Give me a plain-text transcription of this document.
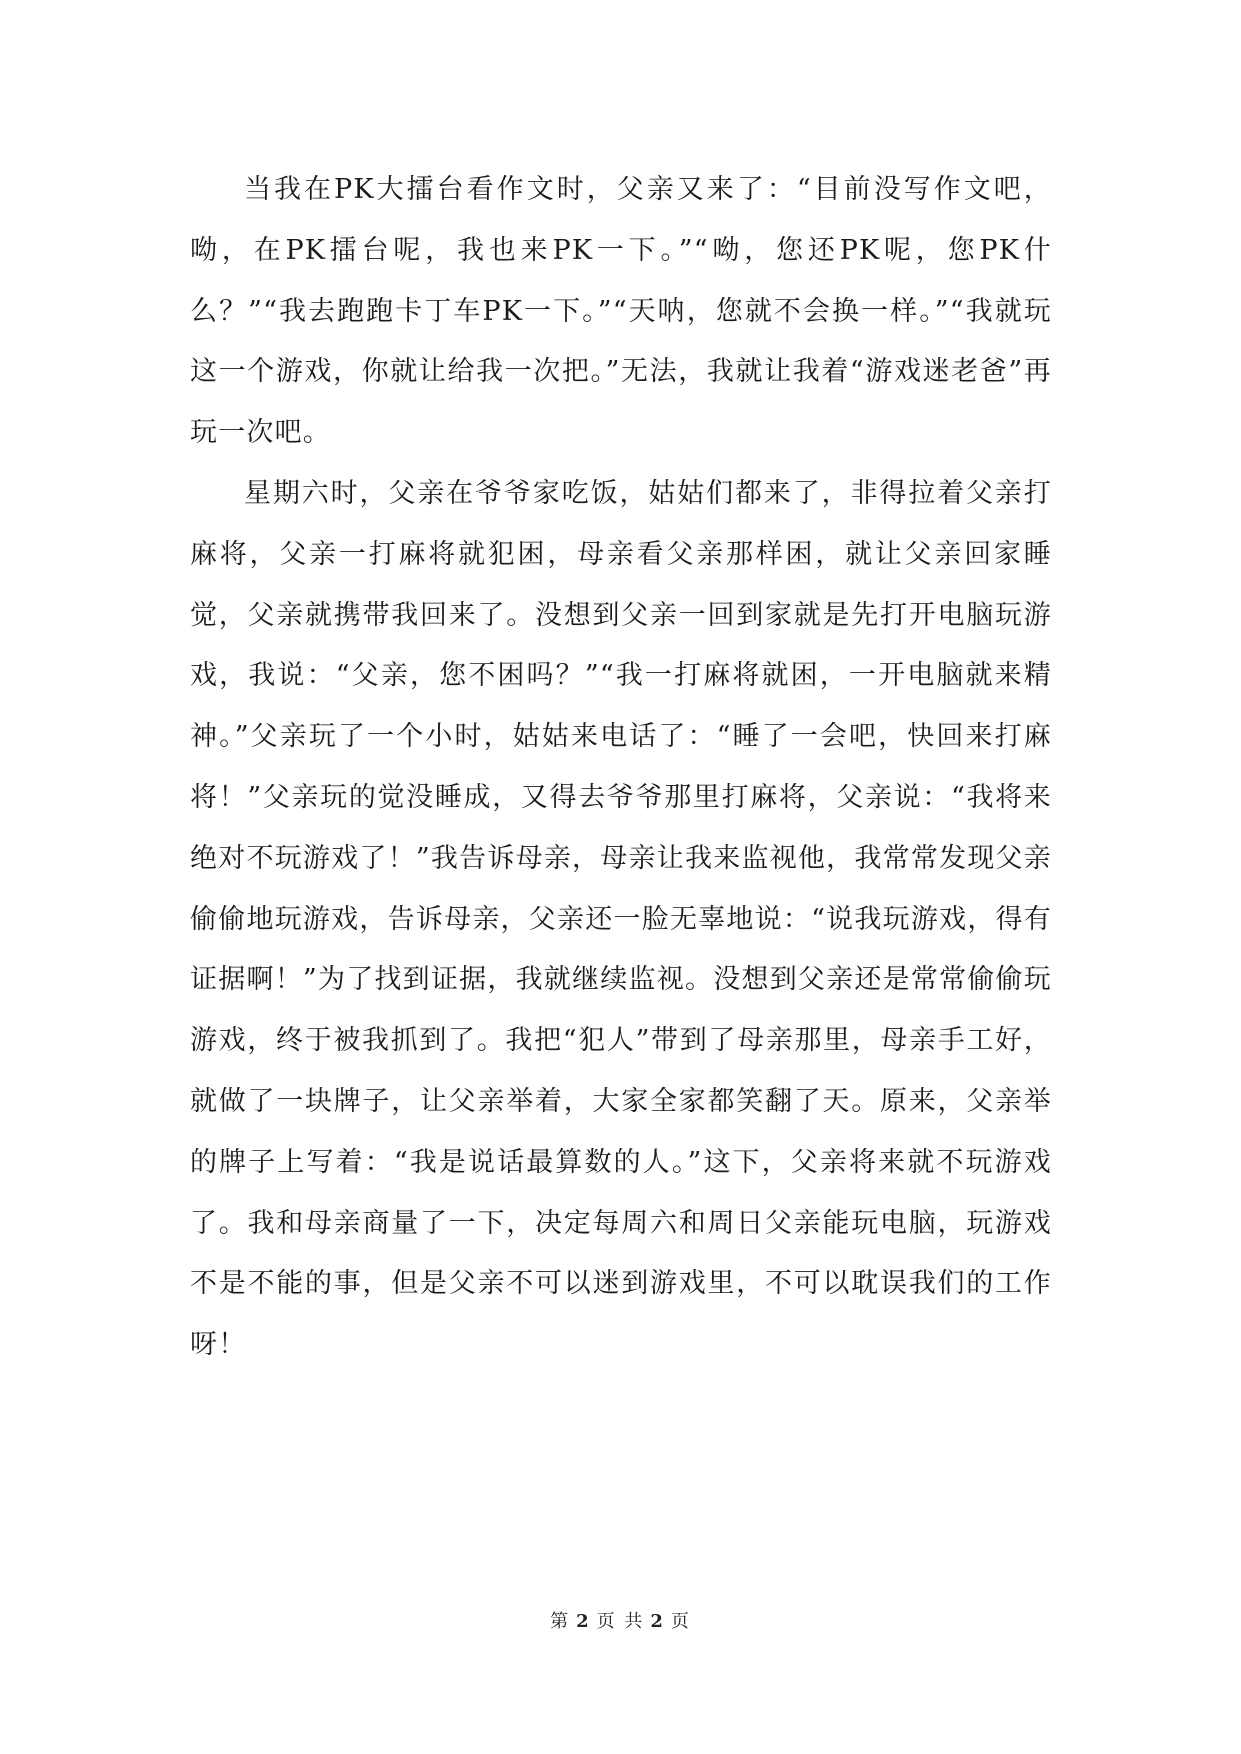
当我在PK大擂台看作文时，父亲又来了：“目前没写作文吧，呦，在PK擂台呢，我也来PK一下。”“呦，您还PK呢，您PK什么？”“我去跑跑卡丁车PK一下。”“天呐，您就不会换一样。”“我就玩这一个游戏，你就让给我一次把。”无法，我就让我着“游戏迷老爸”再玩一次吧。

星期六时，父亲在爷爷家吃饭，姑姑们都来了，非得拉着父亲打麻将，父亲一打麻将就犯困，母亲看父亲那样困，就让父亲回家睡觉，父亲就携带我回来了。没想到父亲一回到家就是先打开电脑玩游戏，我说：“父亲，您不困吗？”“我一打麻将就困，一开电脑就来精神。”父亲玩了一个小时，姑姑来电话了：“睡了一会吧，快回来打麻将！”父亲玩的觉没睡成，又得去爷爷那里打麻将，父亲说：“我将来绝对不玩游戏了！”我告诉母亲，母亲让我来监视他，我常常发现父亲偷偷地玩游戏，告诉母亲，父亲还一脸无辜地说：“说我玩游戏，得有证据啊！”为了找到证据，我就继续监视。没想到父亲还是常常偷偷玩游戏，终于被我抓到了。我把“犯人”带到了母亲那里，母亲手工好，就做了一块牌子，让父亲举着，大家全家都笑翻了天。原来，父亲举的牌子上写着：“我是说话最算数的人。”这下，父亲将来就不玩游戏了。我和母亲商量了一下，决定每周六和周日父亲能玩电脑，玩游戏不是不能的事，但是父亲不可以迷到游戏里，不可以耽误我们的工作呀！

第 2 页 共 2 页
